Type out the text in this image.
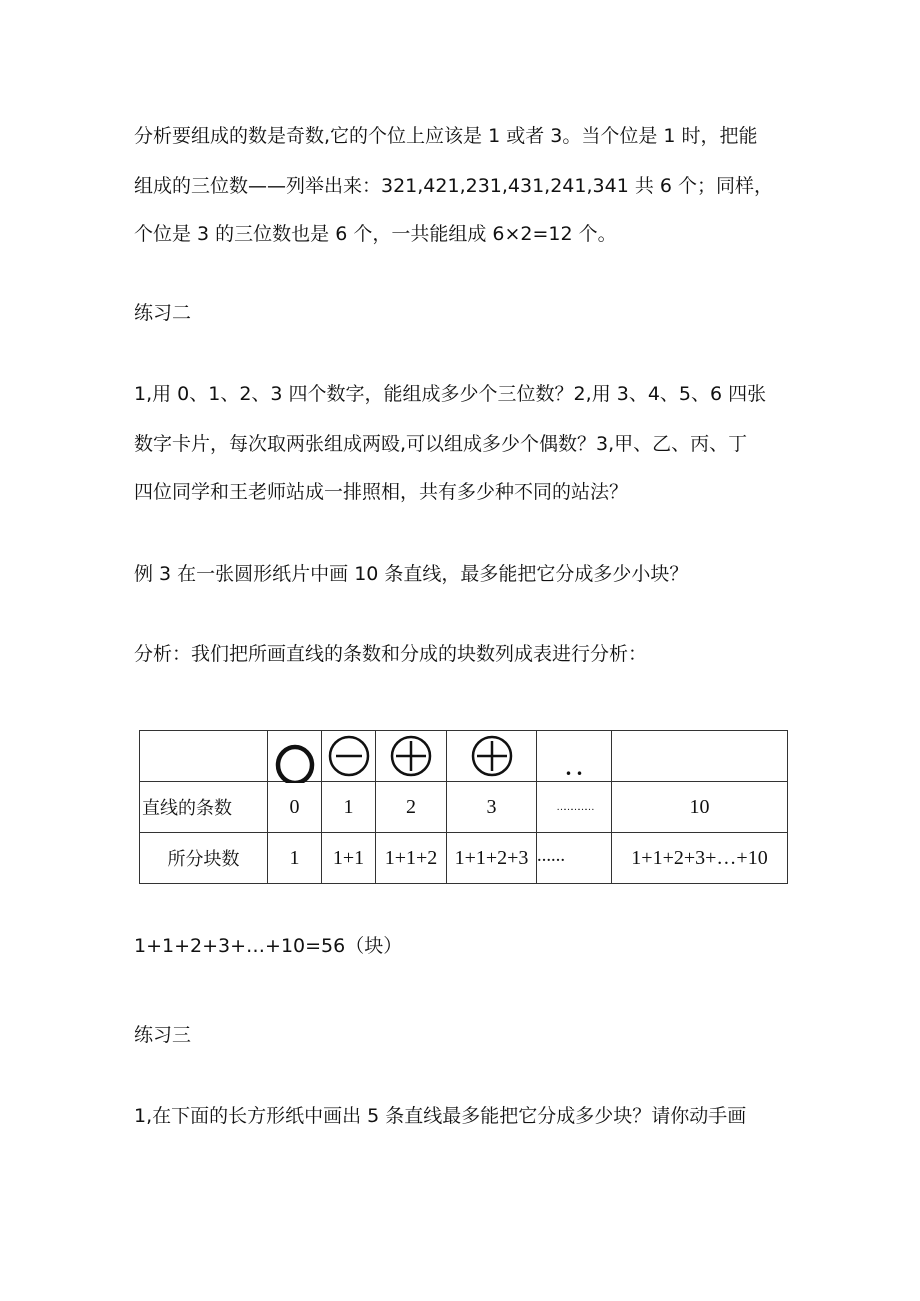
分析要组成的数是奇数,它的个位上应该是 1 或者 3。当个位是 1 时，把能
组成的三位数——列举出来：321,421,231,431,241,341 共 6 个；同样，
个位是 3 的三位数也是 6 个，一共能组成 6×2=12 个。
练习二
1,用 0、1、2、3 四个数字，能组成多少个三位数？2,用 3、4、5、6 四张
数字卡片，每次取两张组成两殴,可以组成多少个偶数？3,甲、乙、丙、丁
四位同学和王老师站成一排照相，共有多少种不同的站法？
例 3 在一张圆形纸片中画 10 条直线，最多能把它分成多少小块？
分析：我们把所画直线的条数和分成的块数列成表进行分析：

	. .	
直线的条数	0	1	2	3	……………	10
所分块数	1	1+1	1+1+2	1+1+2+3	……	1+1+2+3+…+10
1+1+2+3+…+10=56（块）
练习三
1,在下面的长方形纸中画出 5 条直线最多能把它分成多少块？请你动手画
